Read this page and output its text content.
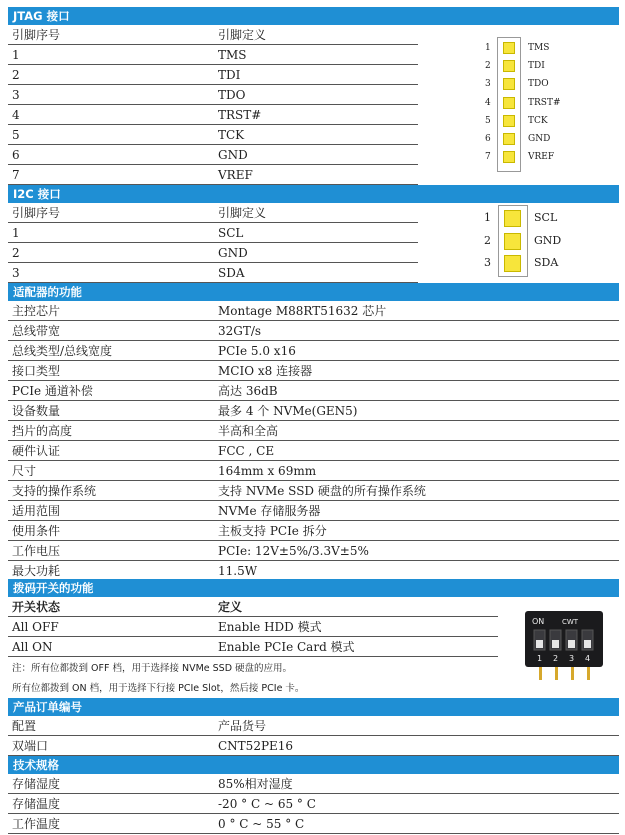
JTAG 接口
引脚序号	引脚定义
1	TMS
2	TDI
3	TDO
4	TRST#
5	TCK
6	GND
7	VREF
1	TMS
2	TDI
3	TDO
4	TRST#
5	TCK
6	GND
7	VREF
I2C 接口
引脚序号	引脚定义
1	SCL
2	GND
3	SDA
1	SCL
2	GND
3	SDA
适配器的功能
主控芯片	Montage M88RT51632 芯片
总线带宽	32GT/s
总线类型/总线宽度	PCIe 5.0 x16
接口类型	MCIO x8 连接器
PCIe 通道补偿	高达 36dB
设备数量	最多 4 个 NVMe(GEN5)
挡片的高度	半高和全高
硬件认证	FCC , CE
尺寸	164mm x 69mm
支持的操作系统	支持 NVMe SSD 硬盘的所有操作系统
适用范围	NVMe 存储服务器
使用条件	主板支持 PCIe 拆分
工作电压	PCIe: 12V±5%/3.3V±5%
最大功耗	11.5W
拨码开关的功能
开关状态	定义
All OFF	Enable HDD 模式
All ON	Enable PCIe Card 模式
注：所有位都拨到 OFF 档，用于选择接 NVMe SSD 硬盘的应用。
所有位都拨到 ON 档，用于选择下行接 PCIe Slot，然后接 PCIe 卡。
1 2 3 4
ON	CWT
产品订单编号
配置	产品货号
双端口	CNT52PE16
技术规格
存储湿度	85%相对湿度
存储温度	-20 ° C ~ 65 ° C
工作温度	0 ° C ~ 55 ° C
